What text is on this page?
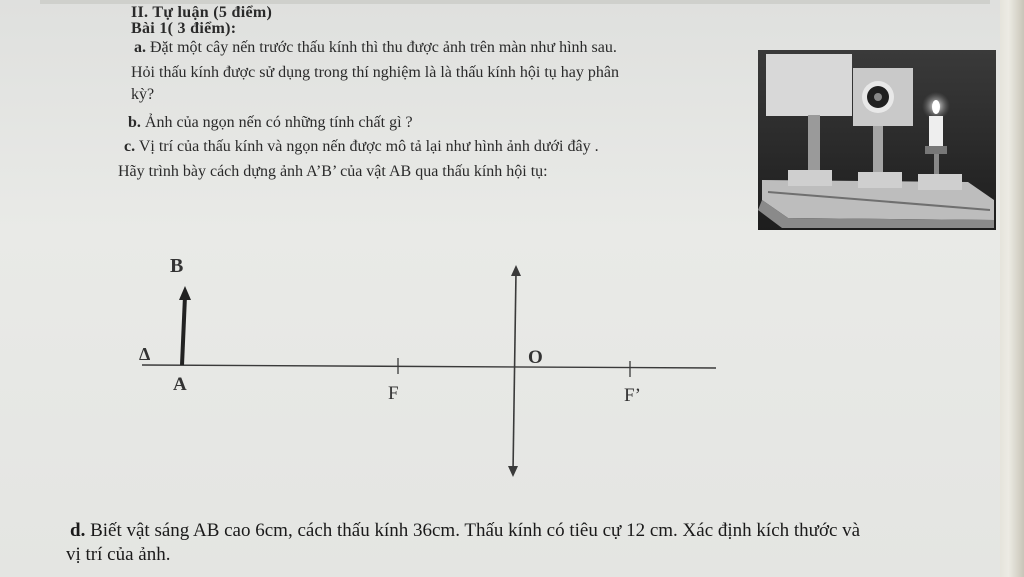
II. Tự luận (5 điểm)
Bài 1( 3 điểm):
a. Đặt một cây nến trước thấu kính thì thu được ảnh trên màn như hình sau.
Hỏi thấu kính được sử dụng trong thí nghiệm là là thấu kính hội tụ hay phân
kỳ?
b. Ảnh của ngọn nến có những tính chất gì ?
c. Vị trí của thấu kính và ngọn nến được mô tả lại như hình ảnh dưới đây .
Hãy trình bày cách dựng ảnh A’B’ của vật AB qua thấu kính hội tụ:
B
Δ
A
O
F	F’
d. Biết vật sáng AB cao 6cm, cách thấu kính 36cm. Thấu kính có tiêu cự 12 cm. Xác định kích thước và
vị trí của ảnh.
